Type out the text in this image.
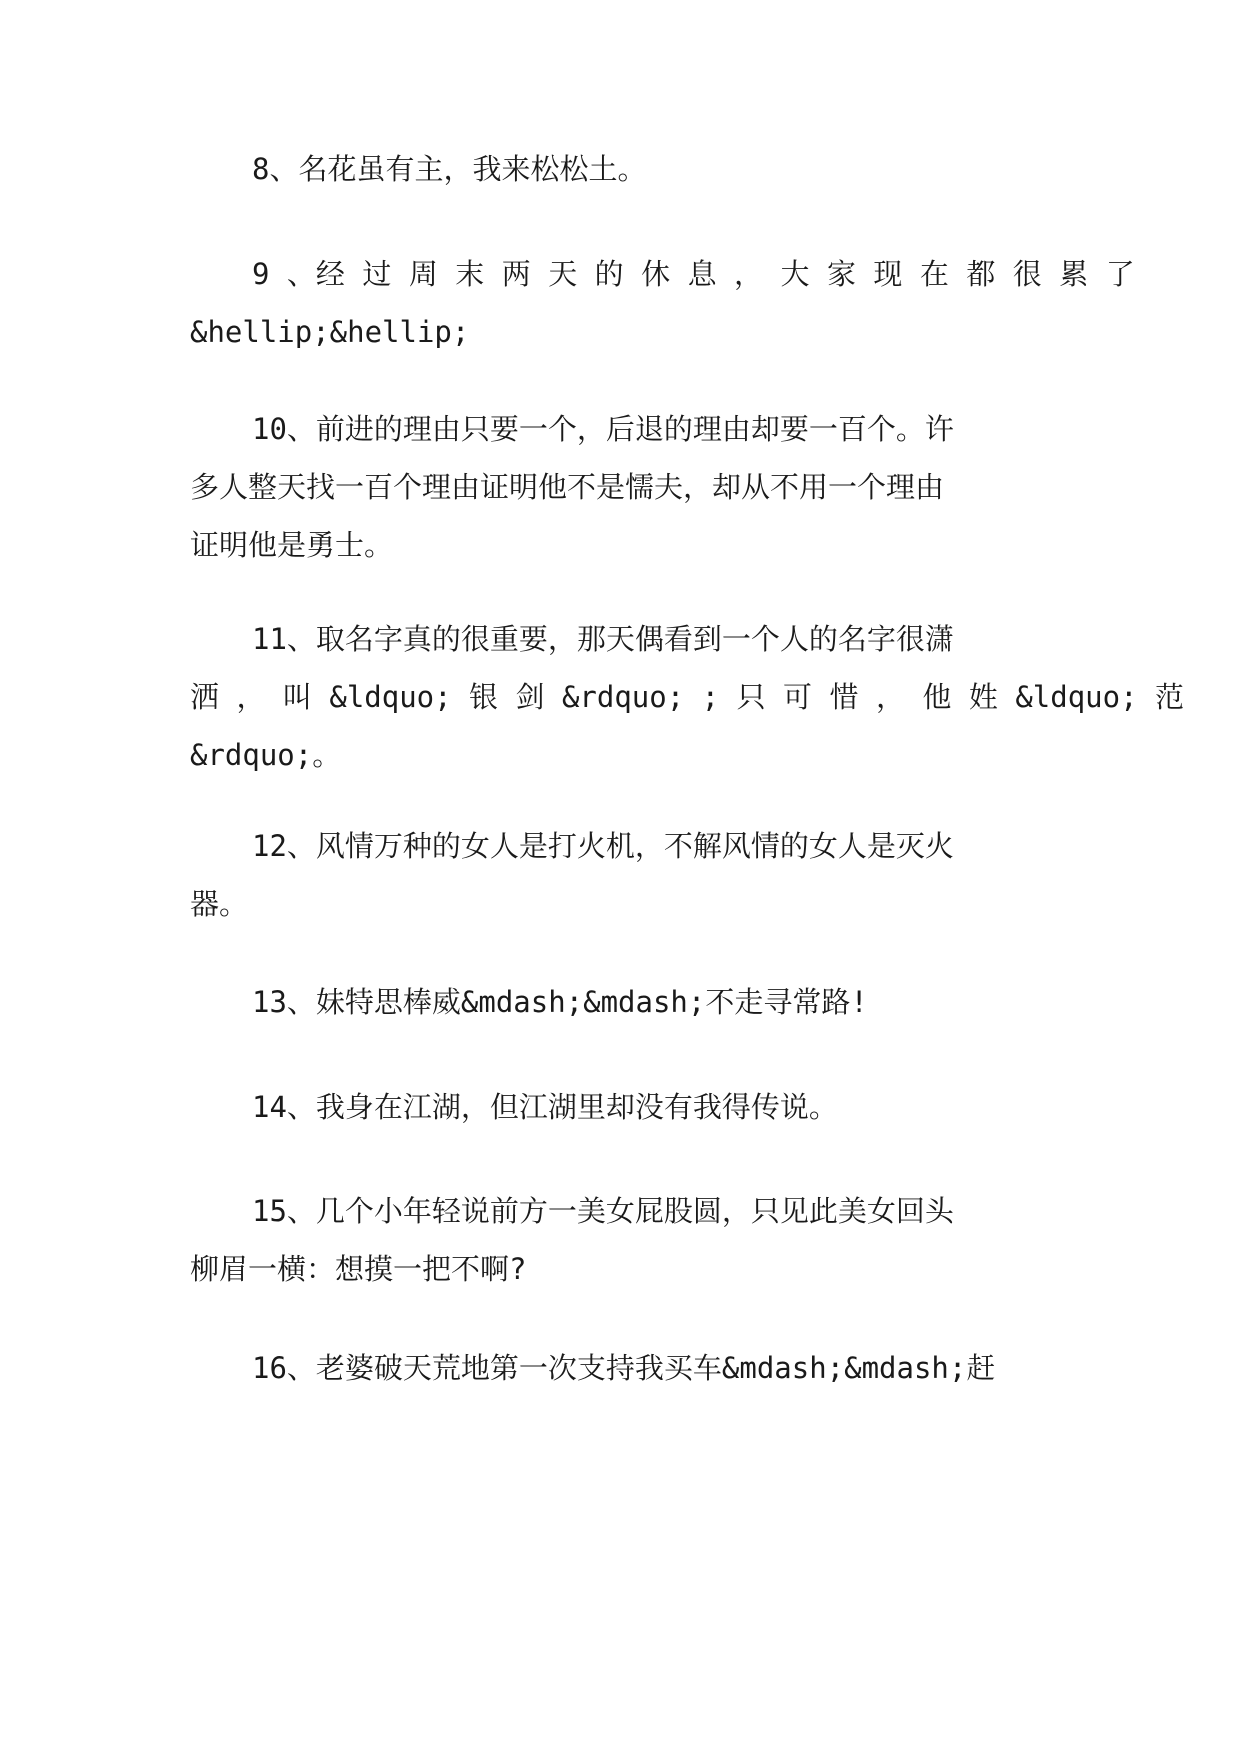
8、名花虽有主，我来松松土。

9 、经 过 周 末 两 天 的 休 息 ， 大 家 现 在 都 很 累 了
&hellip;&hellip;

10、前进的理由只要一个，后退的理由却要一百个。许
多人整天找一百个理由证明他不是懦夫，却从不用一个理由
证明他是勇士。

11、取名字真的很重要，那天偶看到一个人的名字很潇
洒 ， 叫 &ldquo; 银 剑 &rdquo; ; 只 可 惜 ， 他 姓 &ldquo; 范
&rdquo;。

12、风情万种的女人是打火机，不解风情的女人是灭火
器。

13、妹特思棒威&mdash;&mdash;不走寻常路!

14、我身在江湖，但江湖里却没有我得传说。

15、几个小年轻说前方一美女屁股圆，只见此美女回头
柳眉一横：想摸一把不啊?

16、老婆破天荒地第一次支持我买车&mdash;&mdash;赶
